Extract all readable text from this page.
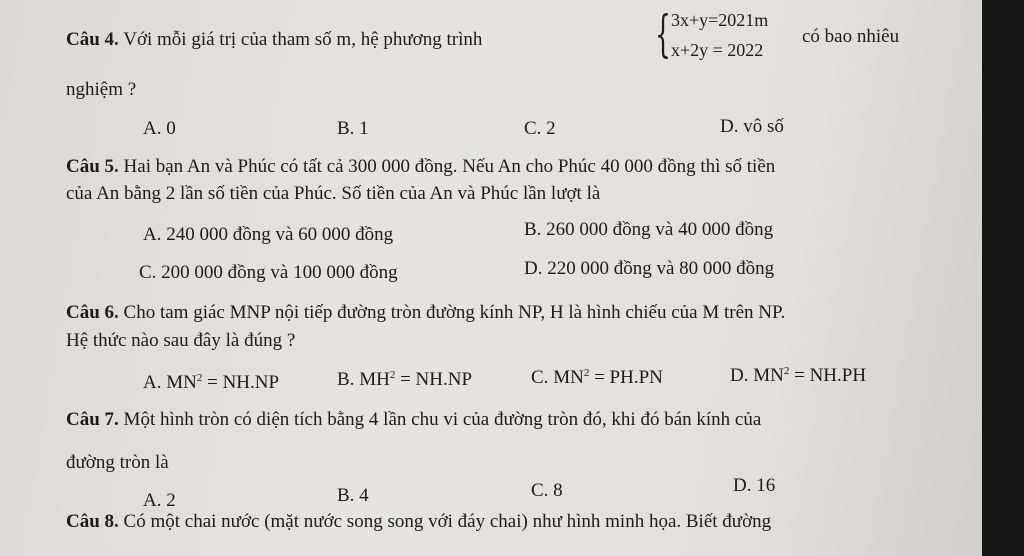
Câu 4. Với mỗi giá trị của tham số m, hệ phương trình	{ 3x+y=2021m
x+2y = 2022
có bao nhiêu
nghiệm ?
A. 0	B. 1	C. 2	D. vô số
Câu 5. Hai bạn An và Phúc có tất cả 300 000 đồng. Nếu An cho Phúc 40 000 đồng thì số tiền
của An bằng 2 lần số tiền của Phúc. Số tiền của An và Phúc lần lượt là
A. 240 000 đồng và 60 000 đồng	B. 260 000 đồng và 40 000 đồng
C. 200 000 đồng và 100 000 đồng	D. 220 000 đồng và 80 000 đồng
Câu 6. Cho tam giác MNP nội tiếp đường tròn đường kính NP, H là hình chiếu của M trên NP.
Hệ thức nào sau đây là đúng ?
A. $MN^2 = NH.NP$	B. $MH^2 = NH.NP$	C. $MN^2 = PH.PN$	D. $MN^2 = NH.PH$
Câu 7. Một hình tròn có diện tích bằng 4 lần chu vi của đường tròn đó, khi đó bán kính của
đường tròn là
A. 2	B. 4	C. 8	D. 16
Câu 8. Có một chai nước (mặt nước song song với đáy chai) như hình minh họa. Biết đường
